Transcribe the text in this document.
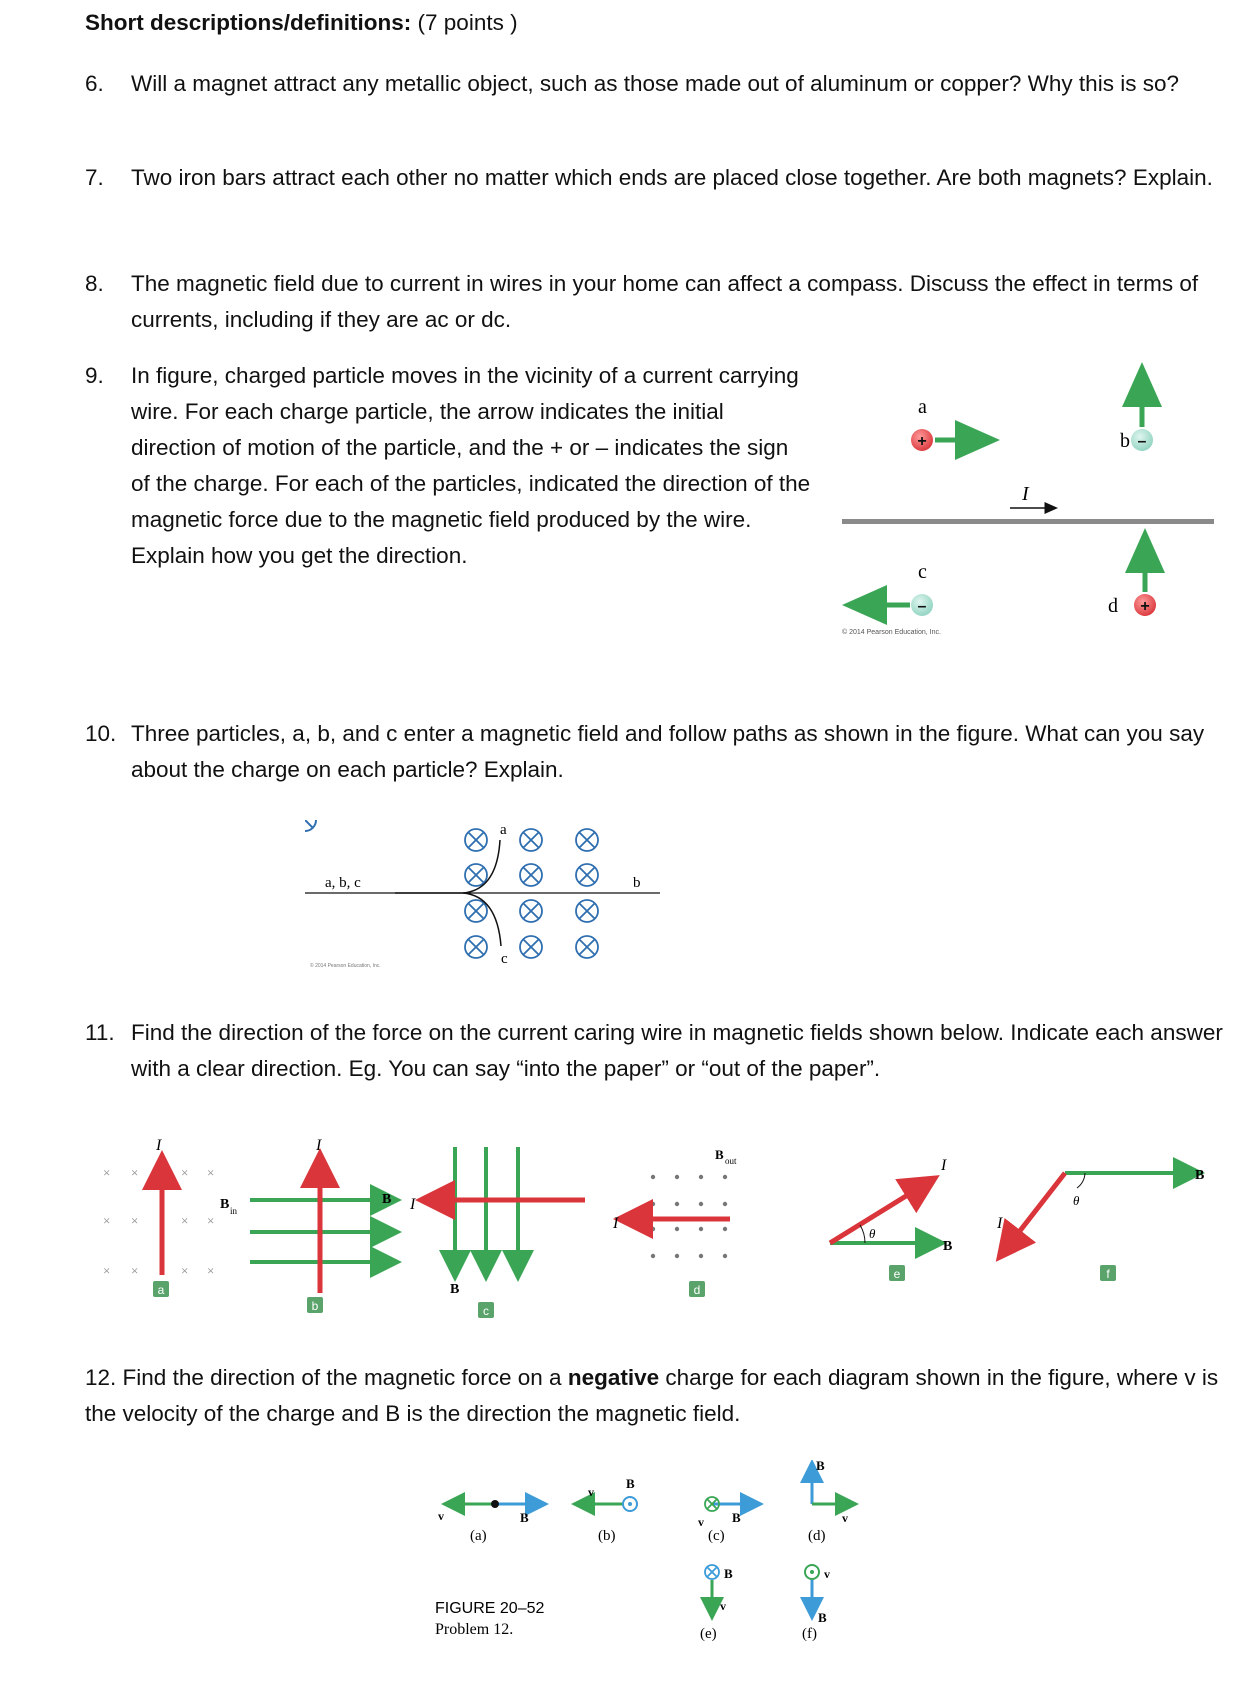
Short descriptions/definitions: (7 points )
6. Will a magnet attract any metallic object, such as those made out of aluminum or copper? Why this is so?
7. Two iron bars attract each other no matter which ends are placed close together. Are both magnets? Explain.
8. The magnetic field due to current in wires in your home can affect a compass. Discuss the effect in terms of currents, including if they are ac or dc.
9. In figure, charged particle moves in the vicinity of a current carrying wire. For each charge particle, the arrow indicates the initial direction of motion of the particle, and the + or – indicates the sign of the charge. For each of the particles, indicated the direction of the magnetic force due to the magnetic field produced by the wire. Explain how you get the direction.
I
a
+	–
b
c
–	+
d
© 2014 Pearson Education, Inc.
10. Three particles, a, b, and c enter a magnetic field and follow paths as shown in the figure. What can you say about the charge on each particle? Explain.
a, b, c
a
b
c
© 2014 Pearson Education, Inc.
11. Find the direction of the force on the current caring wire in magnetic fields shown below. Indicate each answer with a clear direction. Eg. You can say “into the paper” or “out of the paper”.
× ×	× ×
× ×	× ×
× ×	× ×
I
B in
a
I
B
b
I
B
c
I
B out
d
θ
B
I
e
θ
B
I
f
12. Find the direction of the magnetic force on a negative charge for each diagram shown in the figure, where v is the velocity of the charge and B is the direction the magnetic field.
v	B
(a)
v
B
(b)
v B
(c)
B
v
(d)
B
v
(e)
v
B
(f)
FIGURE 20–52
Problem 12.
